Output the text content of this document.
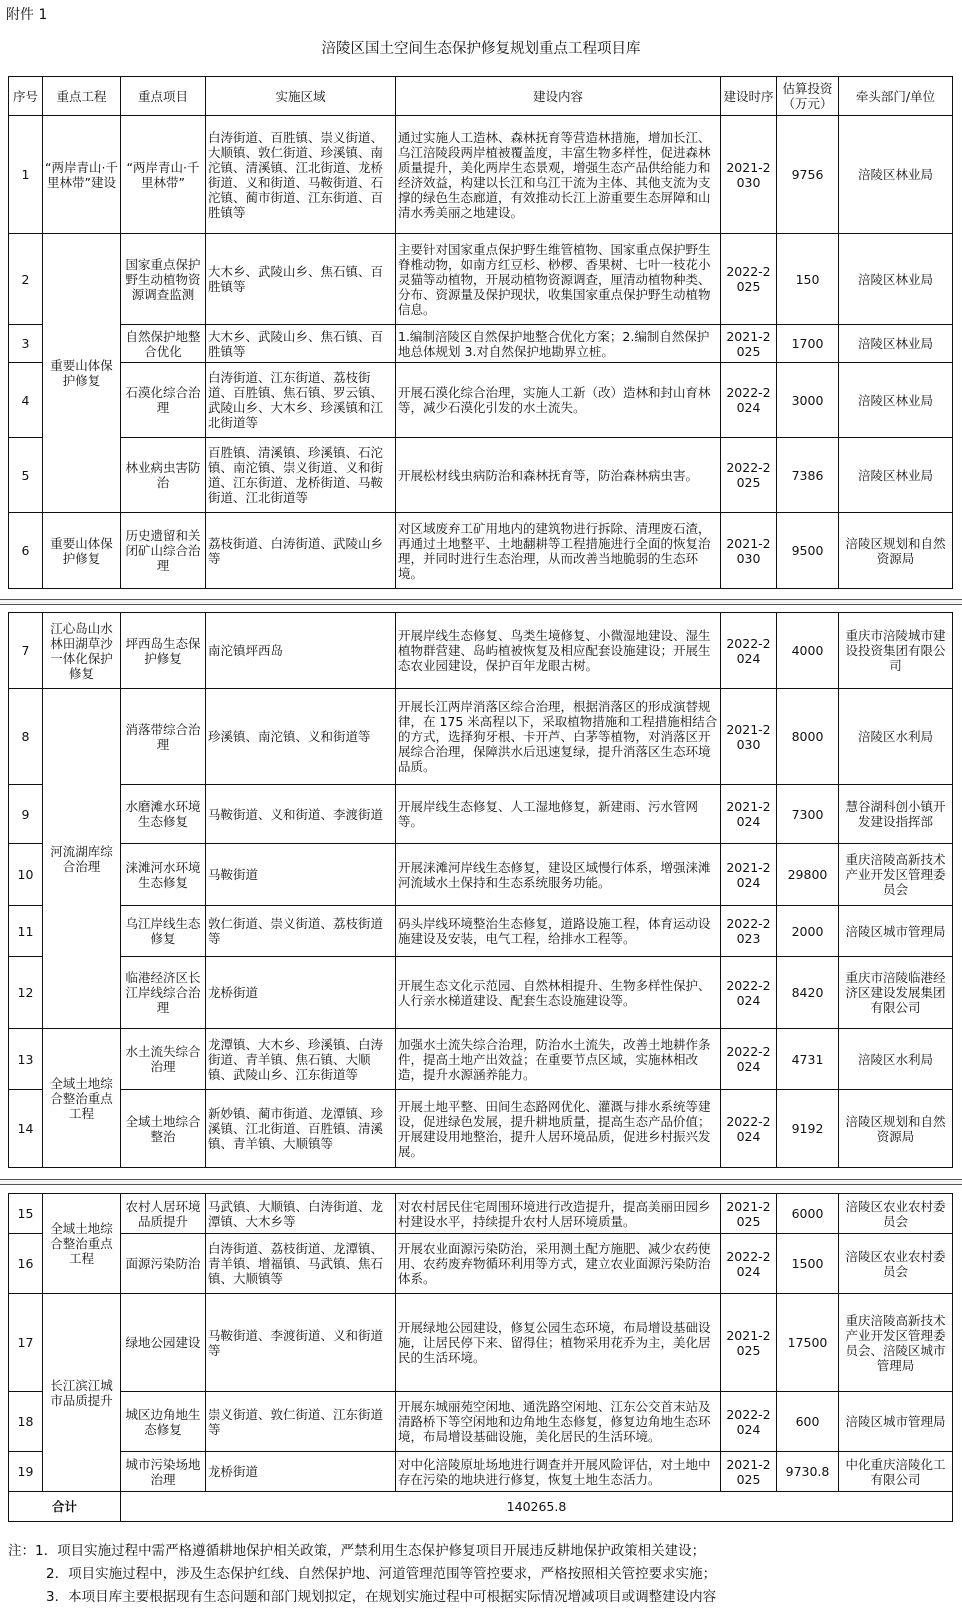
附件 1
涪陵区国土空间生态保护修复规划重点工程项目库
序号	重点工程	重点项目	实施区域	建设内容	建设时序	估算投资（万元）	牵头部门/单位
1	“两岸青山·千里林带”建设	“两岸青山·千里林带”	白涛街道、百胜镇、崇义街道、大顺镇、敦仁街道、珍溪镇、南沱镇、清溪镇、江北街道、龙桥街道、义和街道、马鞍街道、石沱镇、蔺市街道、江东街道、百胜镇等	通过实施人工造林、森林抚育等营造林措施，增加长江、乌江涪陵段两岸植被覆盖度，丰富生物多样性，促进森林质量提升，美化两岸生态景观，增强生态产品供给能力和经济效益，构建以长江和乌江干流为主体、其他支流为支撑的绿色生态廊道，有效推动长江上游重要生态屏障和山清水秀美丽之地建设。	2021-2030	9756	涪陵区林业局
2	重要山体保护修复	国家重点保护野生动植物资源调查监测	大木乡、武陵山乡、焦石镇、百胜镇等	主要针对国家重点保护野生维管植物、国家重点保护野生脊椎动物，如南方红豆杉、桫椤、香果树、七叶一枝花小灵猫等动植物，开展动植物资源调查，厘清动植物种类、分布、资源量及保护现状，收集国家重点保护野生动植物信息。	2022-2025	150	涪陵区林业局
3		自然保护地整合优化	大木乡、武陵山乡、焦石镇、百胜镇等	1.编制涪陵区自然保护地整合优化方案；2.编制自然保护地总体规划 3.对自然保护地勘界立桩。	2021-2025	1700	涪陵区林业局
4		石漠化综合治理	白涛街道、江东街道、荔枝街道、百胜镇、焦石镇、罗云镇、武陵山乡、大木乡、珍溪镇和江北街道等	开展石漠化综合治理，实施人工新（改）造林和封山育林等，减少石漠化引发的水土流失。	2022-2024	3000	涪陵区林业局
5		林业病虫害防治	百胜镇、清溪镇、珍溪镇、石沱镇、南沱镇、崇义街道、义和街道、江东街道、龙桥街道、马鞍街道、江北街道等	开展松材线虫病防治和森林抚育等，防治森林病虫害。	2022-2025	7386	涪陵区林业局
6	重要山体保护修复	历史遗留和关闭矿山综合治理	荔枝街道、白涛街道、武陵山乡等	对区域废弃工矿用地内的建筑物进行拆除、清理废石渣，再通过土地整平、土地翻耕等工程措施进行全面的恢复治理，并同时进行生态治理，从而改善当地脆弱的生态环境。	2021-2030	9500	涪陵区规划和自然资源局
7	江心岛山水林田湖草沙一体化保护修复	坪西岛生态保护修复	南沱镇坪西岛	开展岸线生态修复、鸟类生境修复、小微湿地建设、湿生植物群营建、岛屿植被恢复及相应配套设施建设；开展生态农业园建设，保护百年龙眼古树。	2022-2024	4000	重庆市涪陵城市建设投资集团有限公司
8	河流湖库综合治理	消落带综合治理	珍溪镇、南沱镇、义和街道等	开展长江两岸消落区综合治理，根据消落区的形成演替规律，在 175 米高程以下，采取植物措施和工程措施相结合的方式，选择狗牙根、卡开芦、白茅等植物，对消落区开展综合治理，保障洪水后迅速复绿，提升消落区生态环境品质。	2021-2030	8000	涪陵区水利局
9		水磨滩水环境生态修复	马鞍街道、义和街道、李渡街道	开展岸线生态修复、人工湿地修复，新建雨、污水管网等。	2021-2024	7300	慧谷湖科创小镇开发建设指挥部
10		涞滩河水环境生态修复	马鞍街道	开展涞滩河岸线生态修复，建设区域慢行体系，增强涞滩河流域水土保持和生态系统服务功能。	2021-2024	29800	重庆涪陵高新技术产业开发区管理委员会
11		乌江岸线生态修复	敦仁街道、崇义街道、荔枝街道等	码头岸线环境整治生态修复，道路设施工程，体育运动设施建设及安装，电气工程，给排水工程等。	2022-2023	2000	涪陵区城市管理局
12		临港经济区长江岸线综合治理	龙桥街道	开展生态文化示范园、自然林相提升、生物多样性保护、人行亲水梯道建设、配套生态设施建设等。	2022-2024	8420	重庆市涪陵临港经济区建设发展集团有限公司
13	全域土地综合整治重点工程	水土流失综合治理	龙潭镇、大木乡、珍溪镇、白涛街道、青羊镇、焦石镇、大顺镇、武陵山乡、江东街道等	加强水土流失综合治理，防治水土流失，改善土地耕作条件，提高土地产出效益；在重要节点区域，实施林相改造，提升水源涵养能力。	2022-2024	4731	涪陵区水利局
14		全域土地综合整治	新妙镇、蔺市街道、龙潭镇、珍溪镇、江北街道、百胜镇、清溪镇、青羊镇、大顺镇等	开展土地平整、田间生态路网优化、灌溉与排水系统等建设，促进绿色发展，提升耕地质量，提高生态产品价值；开展建设用地整治，提升人居环境品质，促进乡村振兴发展。	2022-2024	9192	涪陵区规划和自然资源局
15	全域土地综合整治重点工程	农村人居环境品质提升	马武镇、大顺镇、白涛街道、龙潭镇、大木乡等	对农村居民住宅周围环境进行改造提升，提高美丽田园乡村建设水平，持续提升农村人居环境质量。	2021-2025	6000	涪陵区农业农村委员会
16		面源污染防治	白涛街道、荔枝街道、龙潭镇、青羊镇、增福镇、马武镇、焦石镇、大顺镇等	开展农业面源污染防治，采用测土配方施肥、减少农药使用、农药废弃物循环利用等方式，建立农业面源污染防治体系。	2022-2024	1500	涪陵区农业农村委员会
17	长江滨江城市品质提升	绿地公园建设	马鞍街道、李渡街道、义和街道等	开展绿地公园建设，修复公园生态环境，布局增设基础设施，让居民停下来、留得住；植物采用花乔为主，美化居民的生活环境。	2021-2025	17500	重庆涪陵高新技术产业开发区管理委员会、涪陵区城市管理局
18		城区边角地生态修复	崇义街道、敦仁街道、江东街道等	开展东城丽苑空闲地、通洗路空闲地、江东公交首末站及清路桥下等空闲地和边角地生态修复，修复边角地生态环境，布局增设基础设施，美化居民的生活环境。	2022-2024	600	涪陵区城市管理局
19		城市污染场地治理	龙桥街道	对中化涪陵原址场地进行调查并开展风险评估，对土地中存在污染的地块进行修复，恢复土地生态活力。	2021-2025	9730.8	中化重庆涪陵化工有限公司
合计		140265.8					
注：1．项目实施过程中需严格遵循耕地保护相关政策，严禁利用生态保护修复项目开展违反耕地保护政策相关建设；
2．项目实施过程中，涉及生态保护红线、自然保护地、河道管理范围等管控要求，严格按照相关管控要求实施；
3．本项目库主要根据现有生态问题和部门规划拟定，在规划实施过程中可根据实际情况增减项目或调整建设内容
